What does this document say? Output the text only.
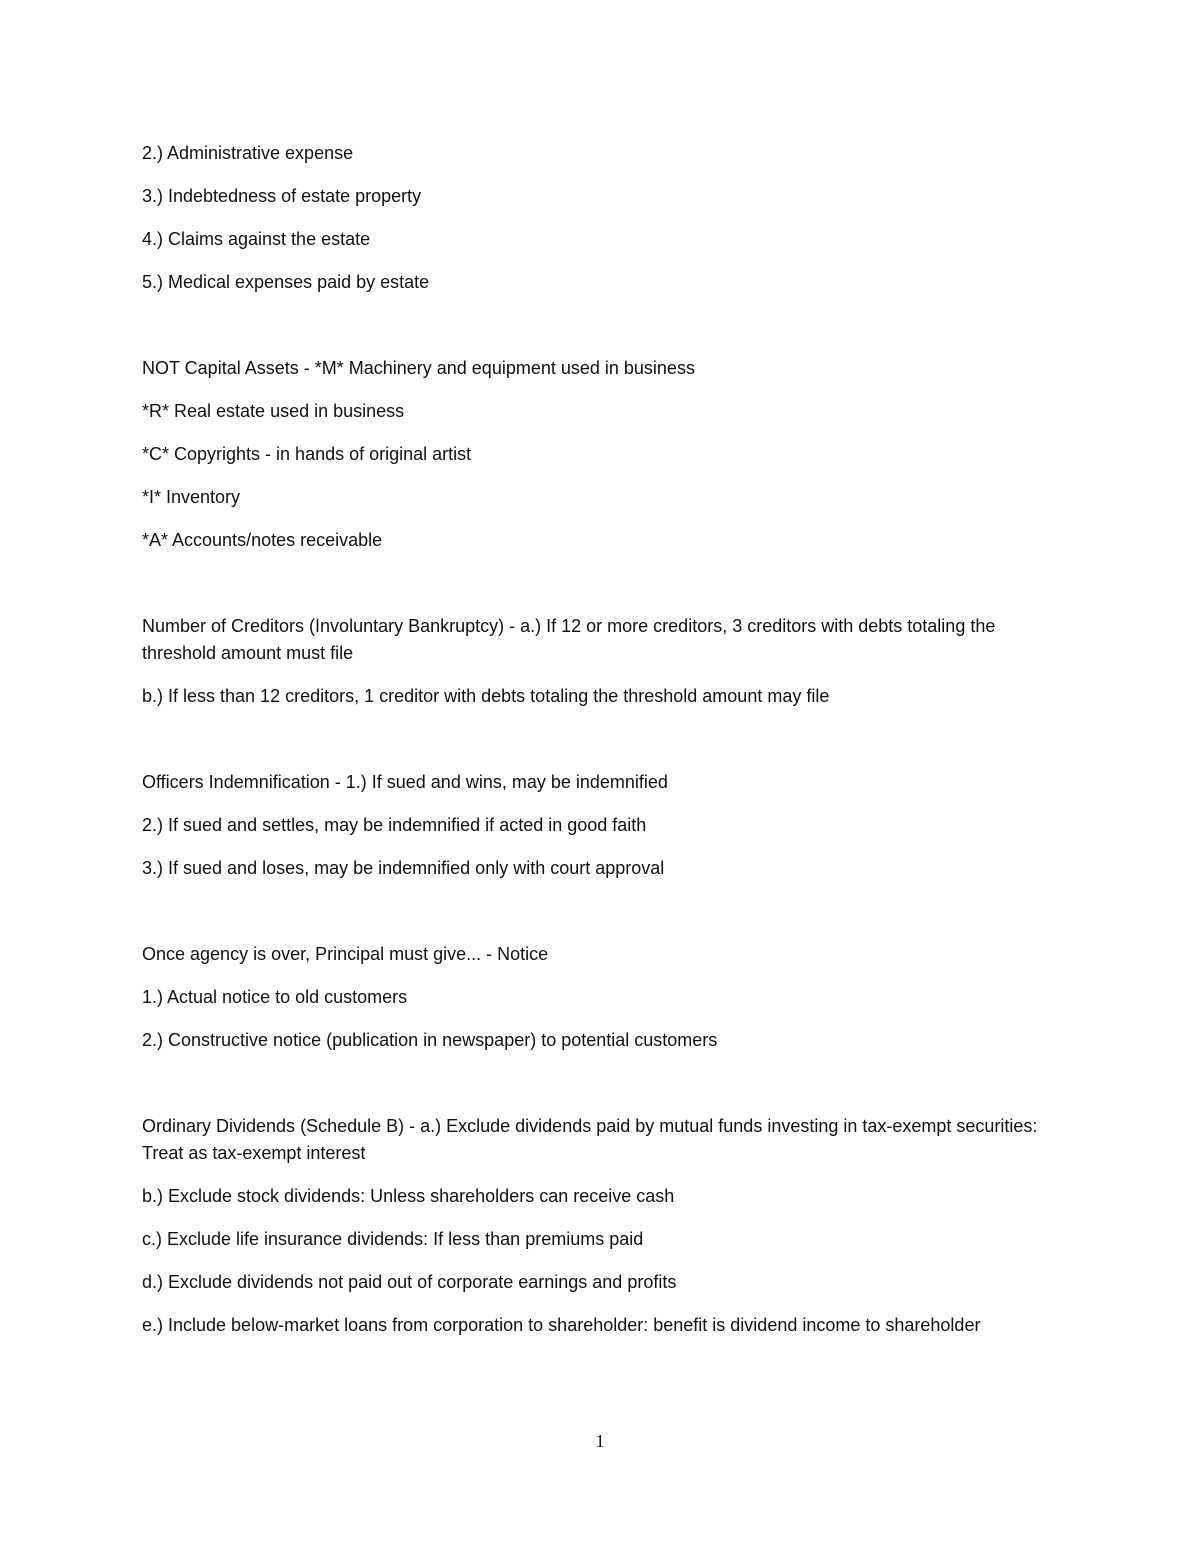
2.) Administrative expense
3.) Indebtedness of estate property
4.) Claims against the estate
5.) Medical expenses paid by estate
NOT Capital Assets - *M* Machinery and equipment used in business
*R* Real estate used in business
*C* Copyrights - in hands of original artist
*I* Inventory
*A* Accounts/notes receivable
Number of Creditors (Involuntary Bankruptcy) - a.) If 12 or more creditors, 3 creditors with debts totaling the threshold amount must file
b.) If less than 12 creditors, 1 creditor with debts totaling the threshold amount may file
Officers Indemnification - 1.) If sued and wins, may be indemnified
2.) If sued and settles, may be indemnified if acted in good faith
3.) If sued and loses, may be indemnified only with court approval
Once agency is over, Principal must give... - Notice
1.) Actual notice to old customers
2.) Constructive notice (publication in newspaper) to potential customers
Ordinary Dividends (Schedule B) - a.) Exclude dividends paid by mutual funds investing in tax-exempt securities: Treat as tax-exempt interest
b.) Exclude stock dividends: Unless shareholders can receive cash
c.) Exclude life insurance dividends: If less than premiums paid
d.) Exclude dividends not paid out of corporate earnings and profits
e.) Include below-market loans from corporation to shareholder: benefit is dividend income to shareholder
1
